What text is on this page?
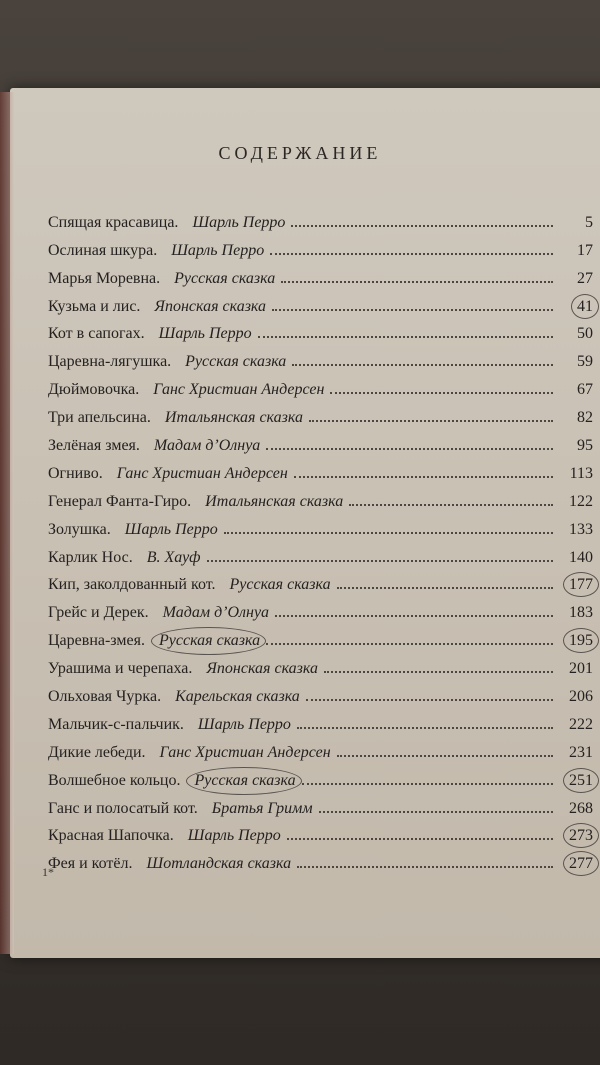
СОДЕРЖАНИЕ
Спящая красавица. Шарль Перро	5
Ослиная шкура. Шарль Перро	17
Марья Моревна. Русская сказка	27
Кузьма и лис. Японская сказка	41
Кот в сапогах. Шарль Перро	50
Царевна-лягушка. Русская сказка	59
Дюймовочка. Ганс Христиан Андерсен	67
Три апельсина. Итальянская сказка	82
Зелёная змея. Мадам д’Олнуа	95
Огниво. Ганс Христиан Андерсен	113
Генерал Фанта-Гиро. Итальянская сказка	122
Золушка. Шарль Перро	133
Карлик Нос. В. Хауф	140
Кип, заколдованный кот. Русская сказка	177
Грейс и Дерек. Мадам д’Олнуа	183
Царевна-змея. Русская сказка	195
Урашима и черепаха. Японская сказка	201
Ольховая Чурка. Карельская сказка	206
Мальчик-с-пальчик. Шарль Перро	222
Дикие лебеди. Ганс Христиан Андерсен	231
Волшебное кольцо. Русская сказка	251
Ганс и полосатый кот. Братья Гримм	268
Красная Шапочка. Шарль Перро	273
Фея и котёл. Шотландская сказка	277
1*
